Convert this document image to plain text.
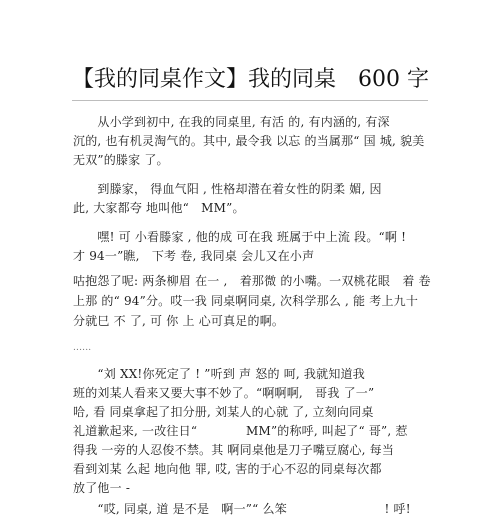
【我的同桌作文】我的同桌　600 字
　　从小学到初中, 在我的同桌里, 有活 的, 有内涵的, 有深
沉的, 也有机灵淘气的。其中, 最令我 以忘 的当属那“ 国 城, 貌美
无双”的滕家 了。
　　到滕家， 得血气阳 , 性格却潜在着女性的阴柔 媚, 因
此, 大家都夸 地叫他“　MM”。
　　嘿! 可 小看滕家 , 他的成 可在我 班属于中上流 段。“啊 !
才 94一”瞧,　下考 卷, 我同桌 会儿又在小声
咕抱怨了呢: 两条柳眉 在一 ,　着那微 的小嘴。一双桃花眼　着 卷
上那 的“ 94”分。哎一我 同桌啊同桌, 次科学那么 , 能 考上九十
分就巳 不 了, 可 你 上 心可真足的啊。
......
　　“刘 XX!你死定了 ! ”听到 声 怒的 呵, 我就知道我
班的刘某人看来又要大事不妙了。“啊啊啊,　哥我 了一”
哈, 看 同桌拿起了扣分册, 刘某人的心就 了, 立刻向同桌
礼道歉起来, 一改往日“　　　　MM”的称呼, 叫起了“ 哥”, 惹
得我 一旁的人忍俊不禁。其 啊同桌他是刀子嘴豆腐心, 每当
看到刘某 么起 地向他 罪, 哎, 害的于心不忍的同桌每次都
放了他一 -
　　“哎, 同桌, 道 是不是　啊一”“ 么笨　　　　　　　　! 呼!
